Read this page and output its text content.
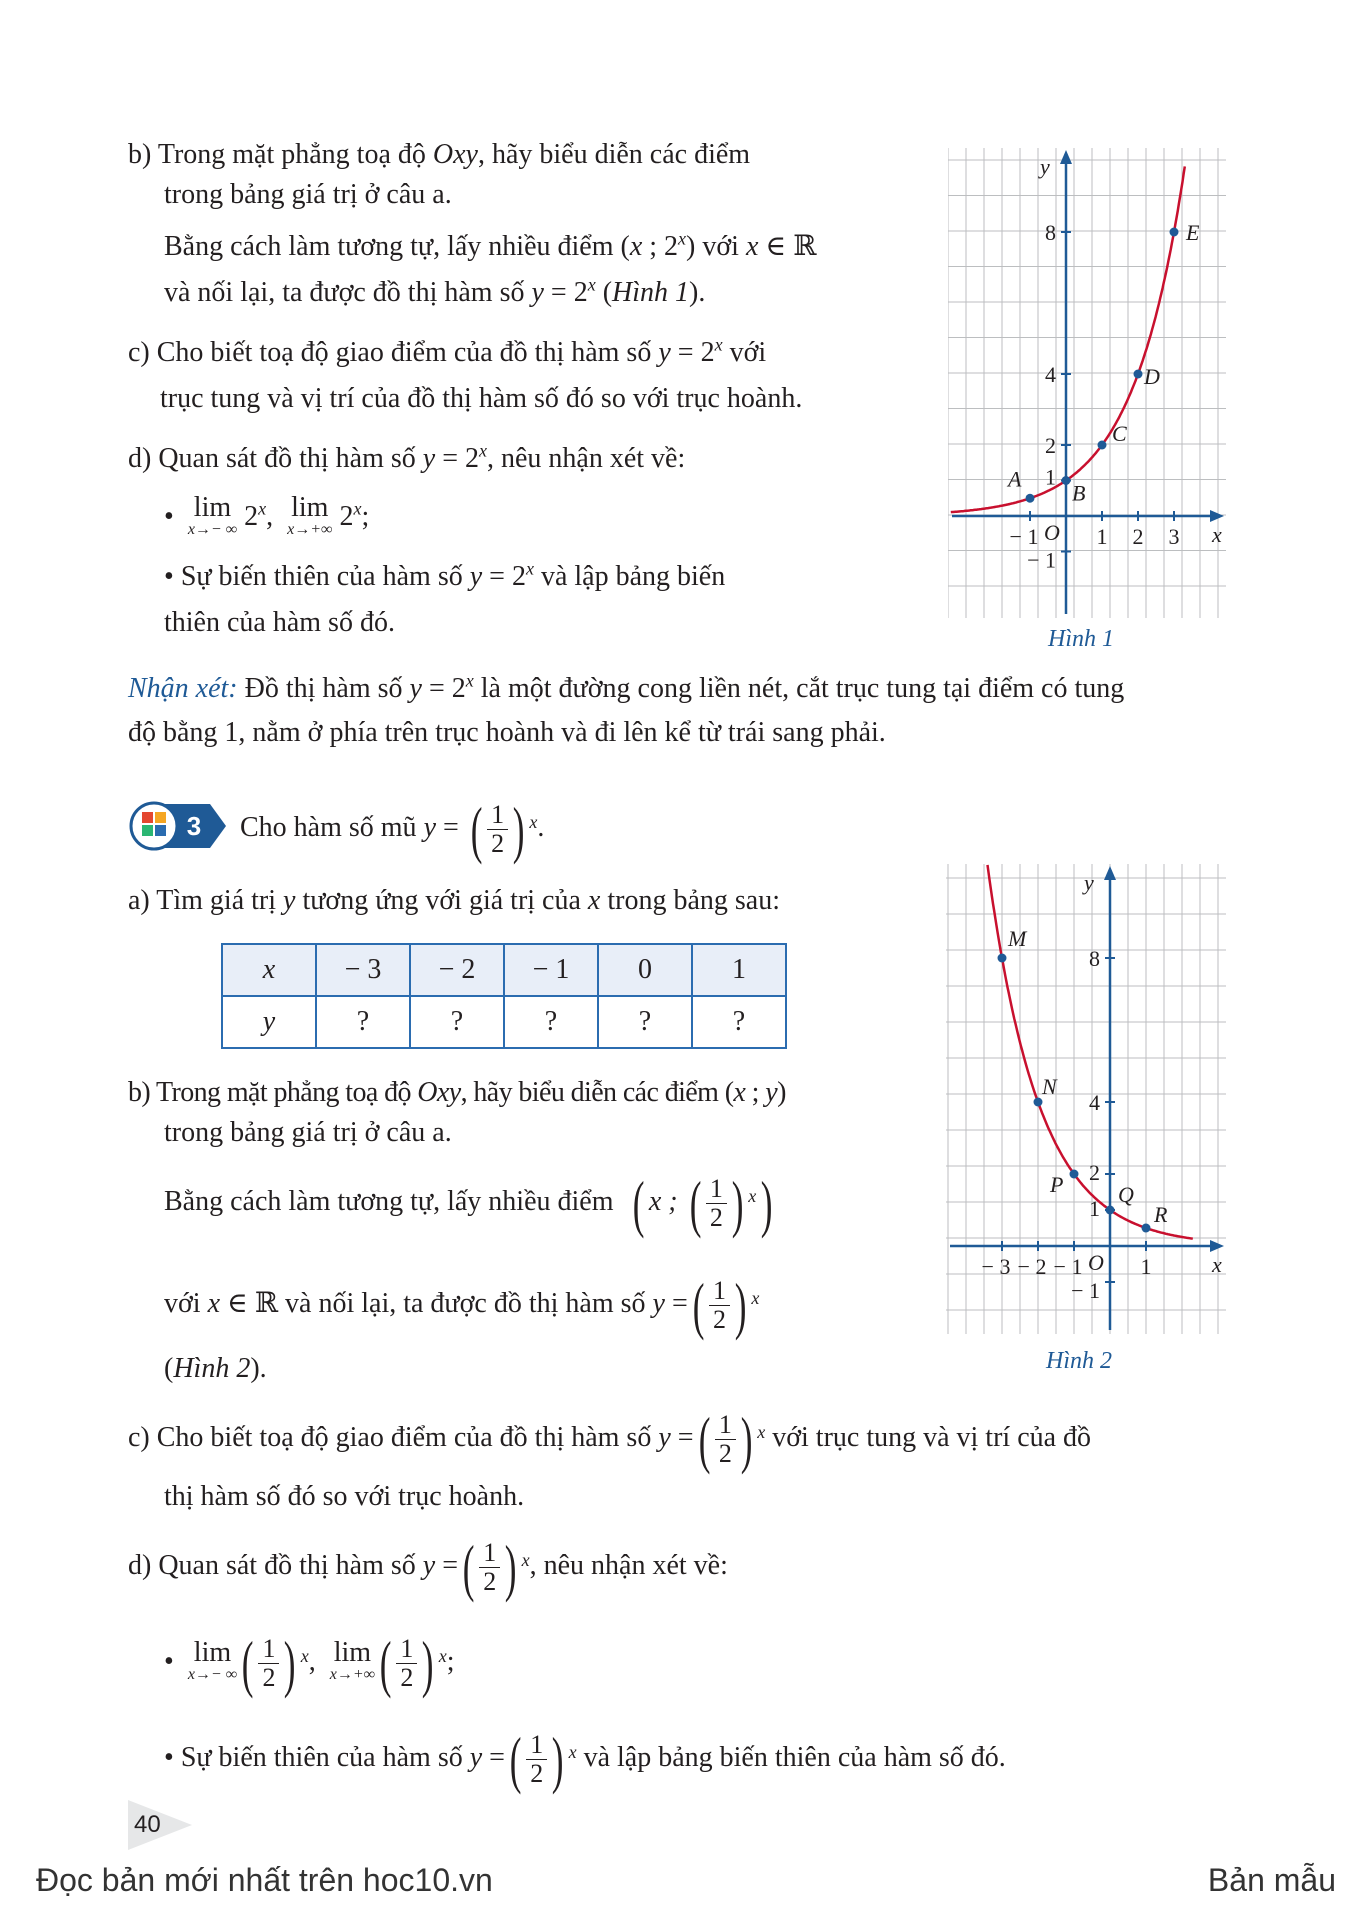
b) Trong mặt phẳng toạ độ Oxy, hãy biểu diễn các điểm
trong bảng giá trị ở câu a.
Bằng cách làm tương tự, lấy nhiều điểm (x ; 2$^x$) với x ∈ ℝ
và nối lại, ta được đồ thị hàm số $y = 2^x$ (Hình 1).
c) Cho biết toạ độ giao điểm của đồ thị hàm số $y = 2^x$ với
trục tung và vị trí của đồ thị hàm số đó so với trục hoành.
d) Quan sát đồ thị hàm số $y = 2^x$, nêu nhận xét về:
• lim
x→− ∞ 2$^x$, lim
x→+∞ 2$^x$;
• Sự biến thiên của hàm số $y = 2^x$ và lập bảng biến
thiên của hàm số đó.
− 1	1 2 3
− 1
1
2
4
8
O	x
y
A
B
C
D
E
Hình 1
Nhận xét: Đồ thị hàm số $y = 2^x$ là một đường cong liền nét, cắt trục tung tại điểm có tung
độ bằng 1, nằm ở phía trên trục hoành và đi lên kể từ trái sang phải.
3 Cho hàm số mũ y = ( $\frac{1}{2}$ ) x.
a) Tìm giá trị y tương ứng với giá trị của x trong bảng sau:
x	− 3	− 2	− 1	0	1
y	?	?	?	?	?
b) Trong mặt phẳng toạ độ Oxy, hãy biểu diễn các điểm (x ; y)
trong bảng giá trị ở câu a.
Bằng cách làm tương tự, lấy nhiều điểm ( x ; ( $\frac{1}{2}$ ) x)
với x ∈ ℝ và nối lại, ta được đồ thị hàm số y =( $\frac{1}{2}$ ) x
(Hình 2).
− 3 − 2 − 1	1
− 1
1
2
4
8
O	x
y
M
N
P Q
R
Hình 2
c) Cho biết toạ độ giao điểm của đồ thị hàm số y =( $\frac{1}{2}$ ) x với trục tung và vị trí của đồ
thị hàm số đó so với trục hoành.
d) Quan sát đồ thị hàm số y =( $\frac{1}{2}$ ) x, nêu nhận xét về:
• lim
x→− ∞ ( $\frac{1}{2}$ ) x, lim
x→+∞ ( $\frac{1}{2}$ ) x;
• Sự biến thiên của hàm số y =( $\frac{1}{2}$ ) x và lập bảng biến thiên của hàm số đó.
40
Đọc bản mới nhất trên hoc10.vn	Bản mẫu
